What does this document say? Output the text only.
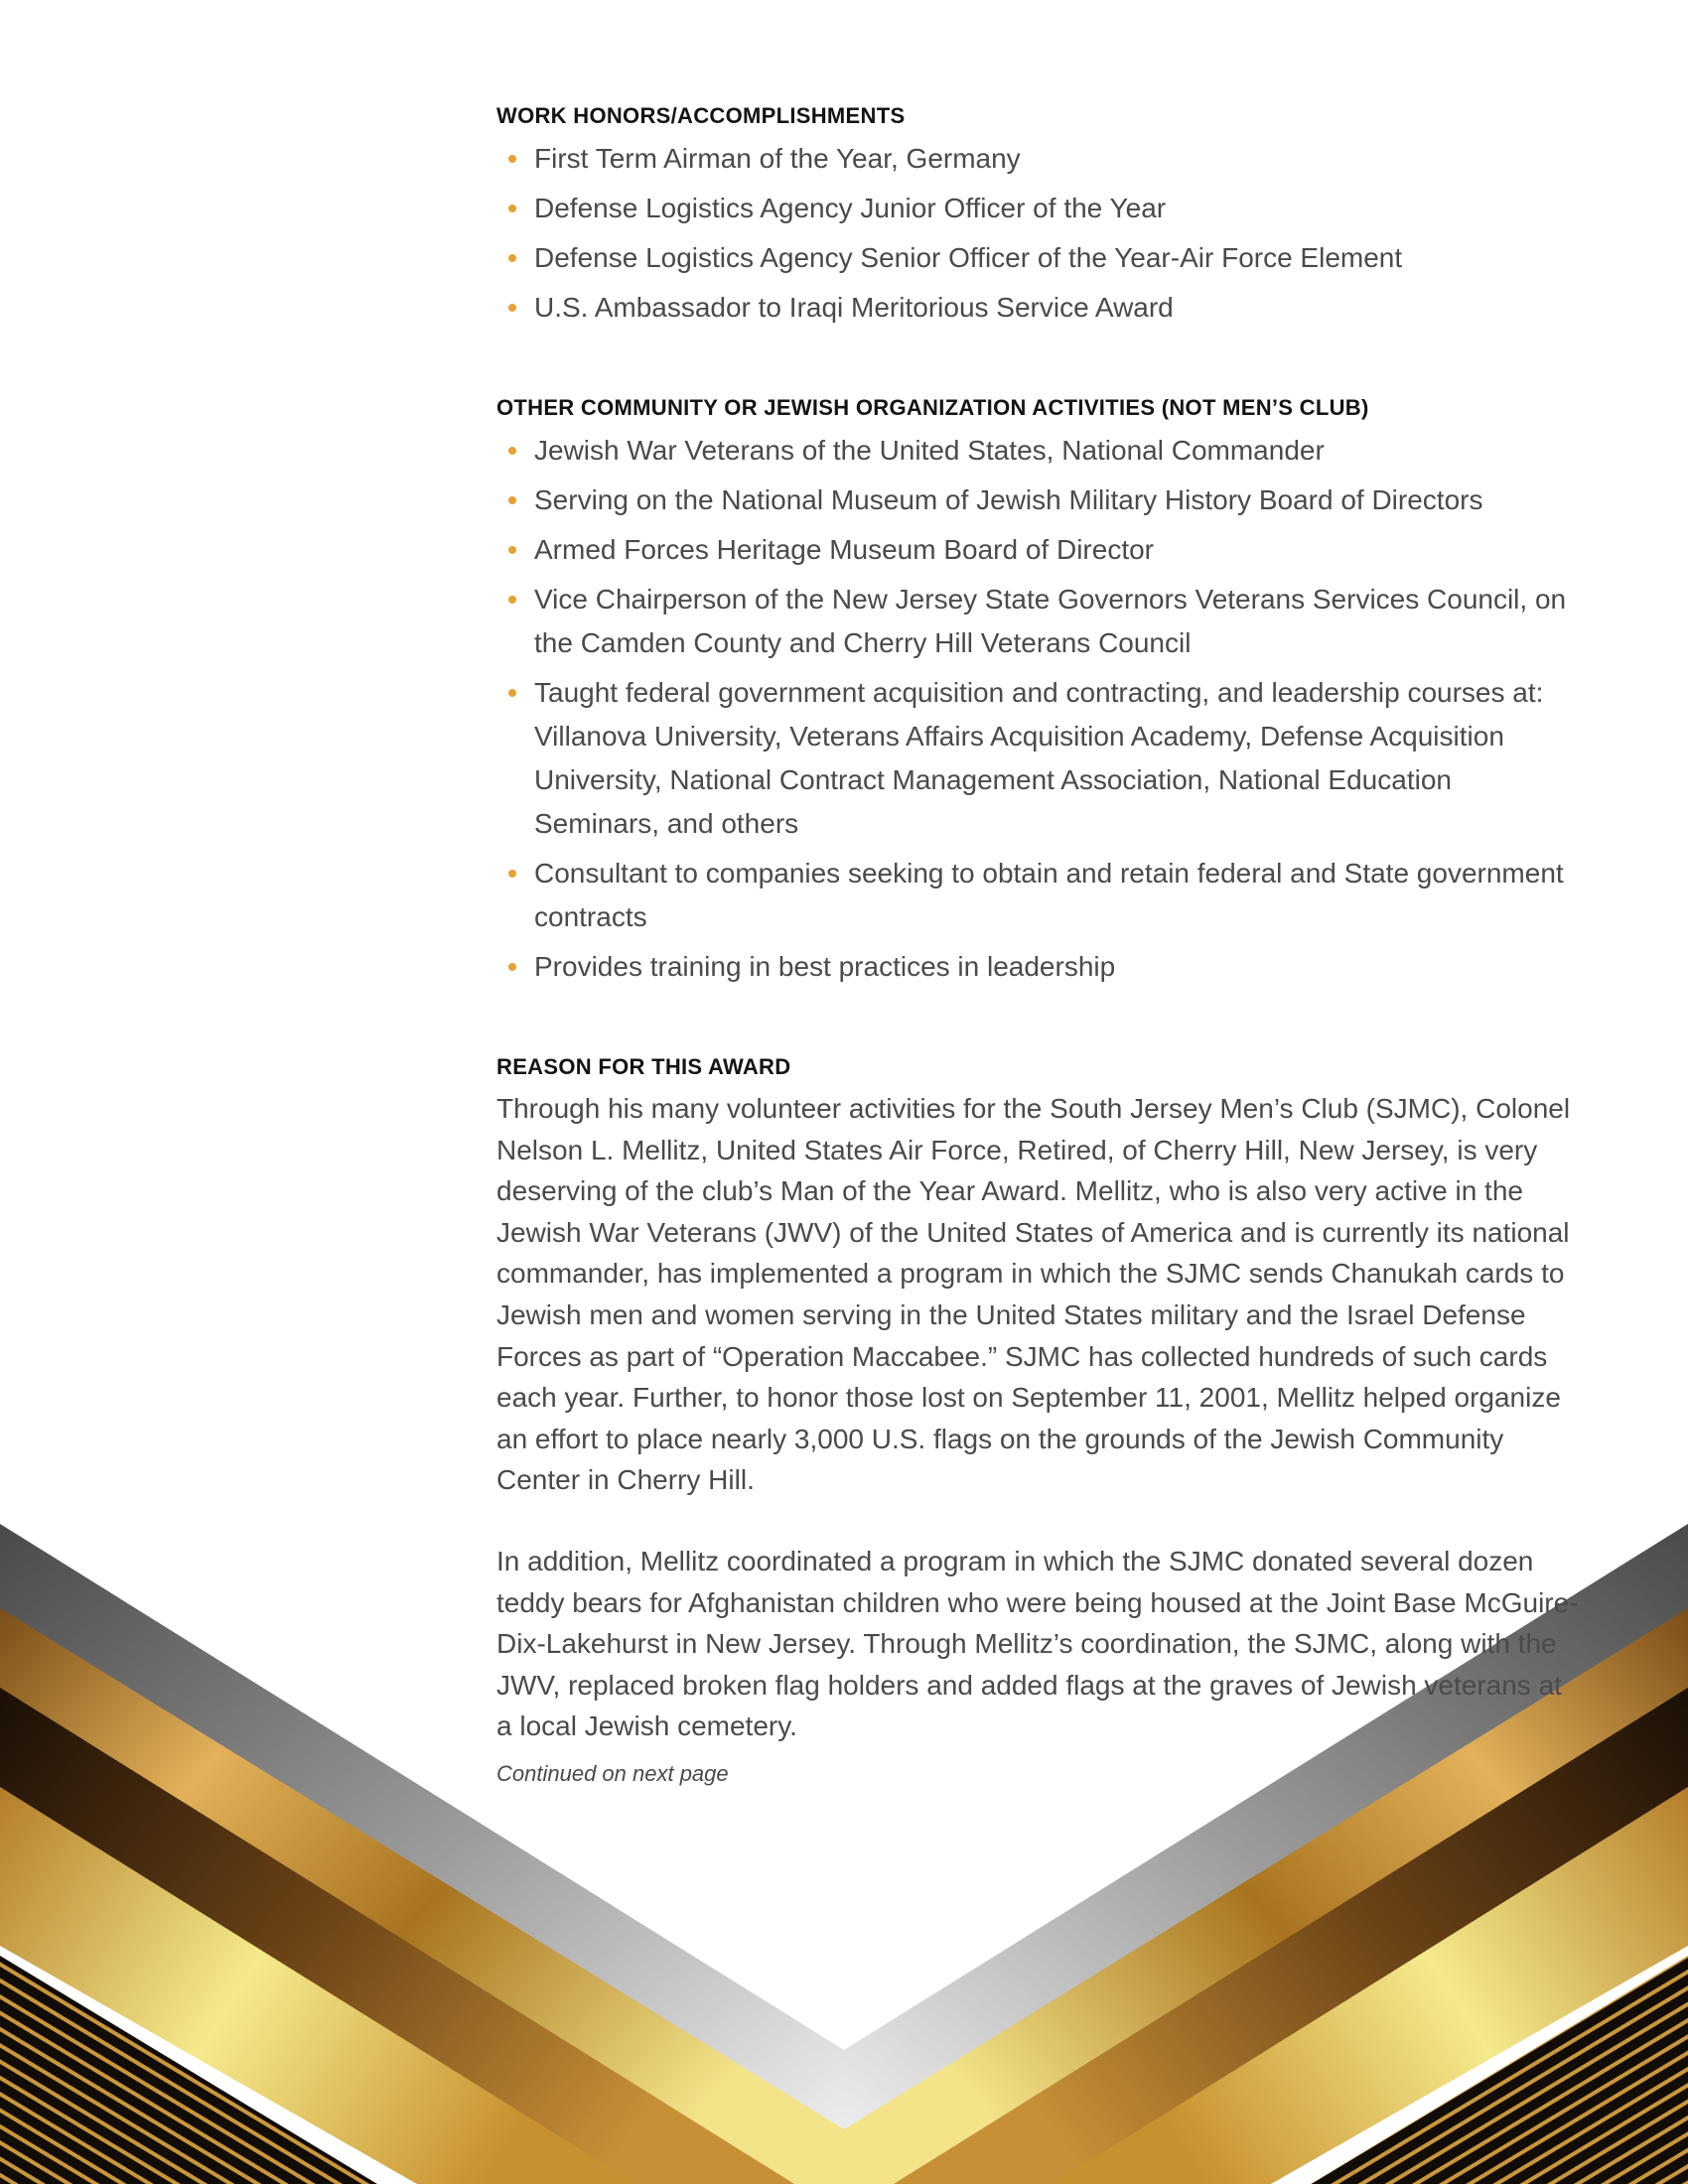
WORK HONORS/ACCOMPLISHMENTS
First Term Airman of the Year, Germany
Defense Logistics Agency Junior Officer of the Year
Defense Logistics Agency Senior Officer of the Year-Air Force Element
U.S. Ambassador to Iraqi Meritorious Service Award
OTHER COMMUNITY OR JEWISH ORGANIZATION ACTIVITIES (NOT MEN’S CLUB)
Jewish War Veterans of the United States, National Commander
Serving on the National Museum of Jewish Military History Board of Directors
Armed Forces Heritage Museum Board of Director
Vice Chairperson of the New Jersey State Governors Veterans Services Council, on the Camden County and Cherry Hill Veterans Council
Taught federal government acquisition and contracting, and leadership courses at: Villanova University, Veterans Affairs Acquisition Academy, Defense Acquisition University, National Contract Management Association, National Education Seminars, and others
Consultant to companies seeking to obtain and retain federal and State government contracts
Provides training in best practices in leadership
REASON FOR THIS AWARD

Through his many volunteer activities for the South Jersey Men’s Club (SJMC), Colonel Nelson L. Mellitz, United States Air Force, Retired, of Cherry Hill, New Jersey, is very deserving of the club’s Man of the Year Award. Mellitz, who is also very active in the Jewish War Veterans (JWV) of the United States of America and is currently its national commander, has implemented a program in which the SJMC sends Chanukah cards to Jewish men and women serving in the United States military and the Israel Defense Forces as part of “Operation Maccabee.” SJMC has collected hundreds of such cards each year. Further, to honor those lost on September 11, 2001, Mellitz helped organize an effort to place nearly 3,000 U.S. flags on the grounds of the Jewish Community Center in Cherry Hill.

In addition, Mellitz coordinated a program in which the SJMC donated several dozen teddy bears for Afghanistan children who were being housed at the Joint Base McGuire-Dix-Lakehurst in New Jersey. Through Mellitz’s coordination, the SJMC, along with the JWV, replaced broken flag holders and added flags at the graves of Jewish veterans at a local Jewish cemetery.

Continued on next page
